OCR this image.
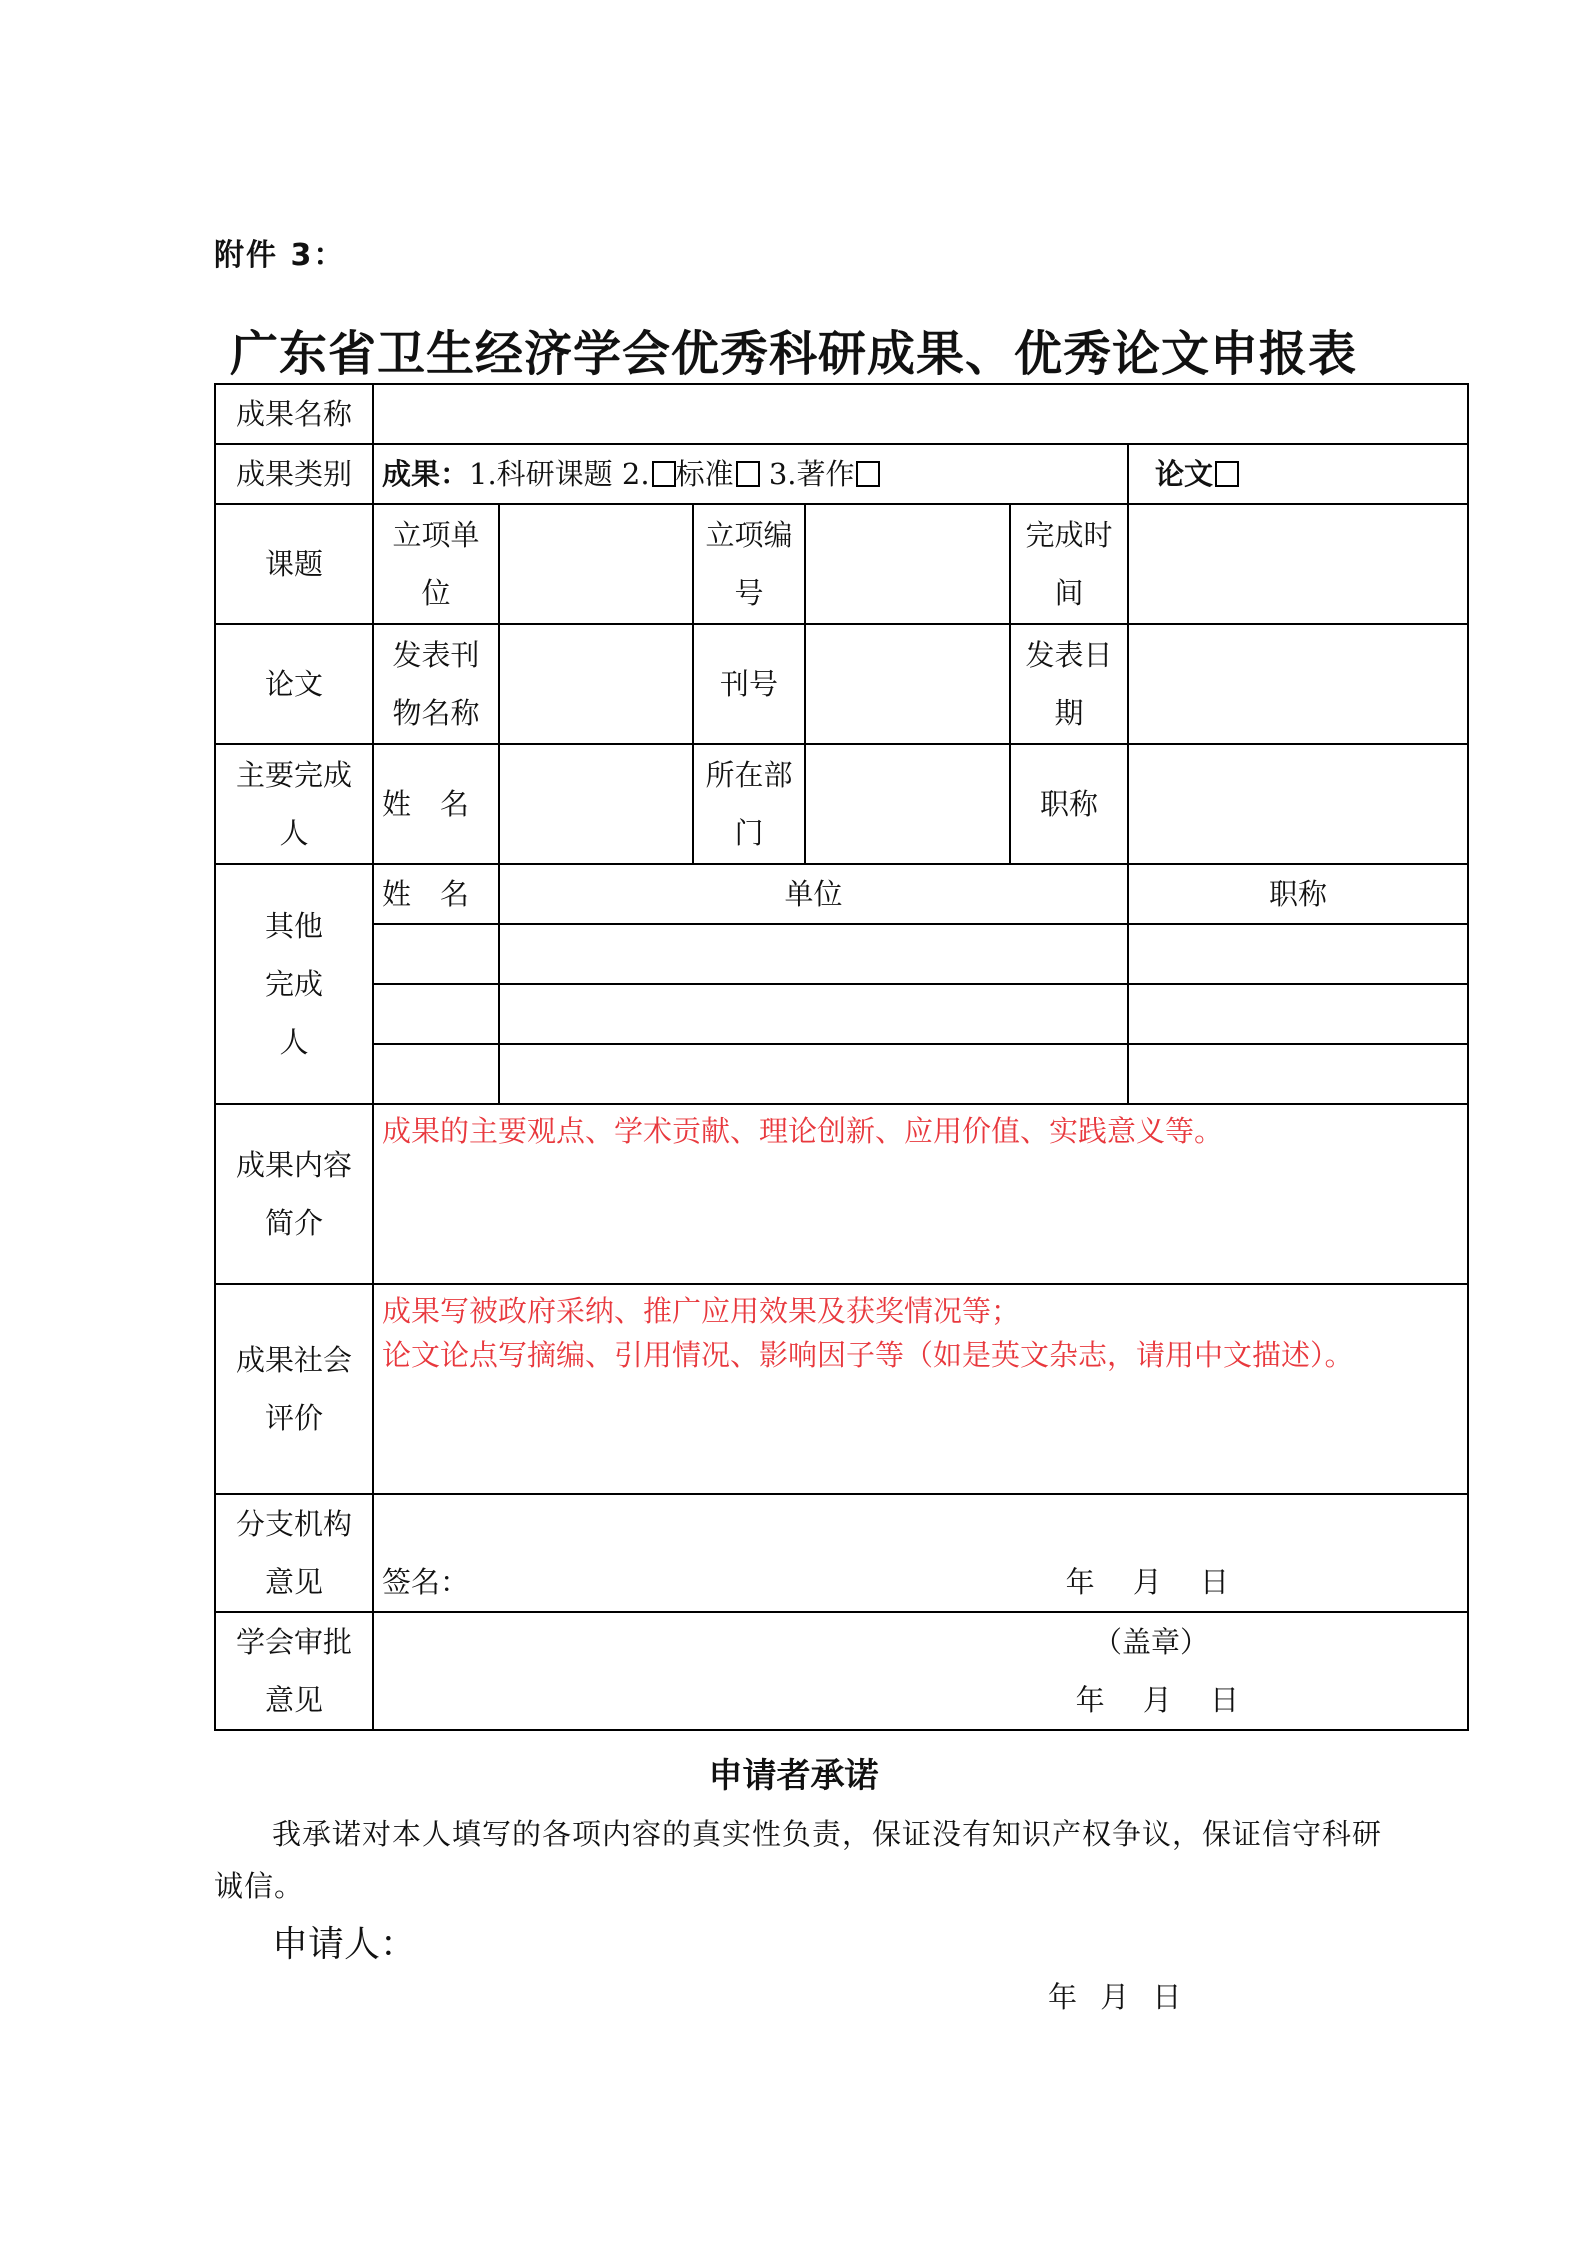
附件 3：
广东省卫生经济学会优秀科研成果、优秀论文申报表
成果名称						
成果类别	成果：1.科研课题 2. 标准 3.著作					论文
课题	立项单位		立项编号		完成时间	
论文	发表刊物名称		刊号		发表日期	
主要完成人	姓　名		所在部门		职称	
其他完成人	姓　名	单位				职称

成果内容简介	成果的主要观点、学术贡献、理论创新、应用价值、实践意义等。					
成果社会评价	成果写被政府采纳、推广应用效果及获奖情况等；
论文论点写摘编、引用情况、影响因子等（如是英文杂志，请用中文描述）。					

分支机构意见	签名： 年　 月　 日					

学会审批意见	（盖章）
年　 月　 日					
申请者承诺
我承诺对本人填写的各项内容的真实性负责，保证没有知识产权争议，保证信守科研诚信。
申请人：
年 月 日
